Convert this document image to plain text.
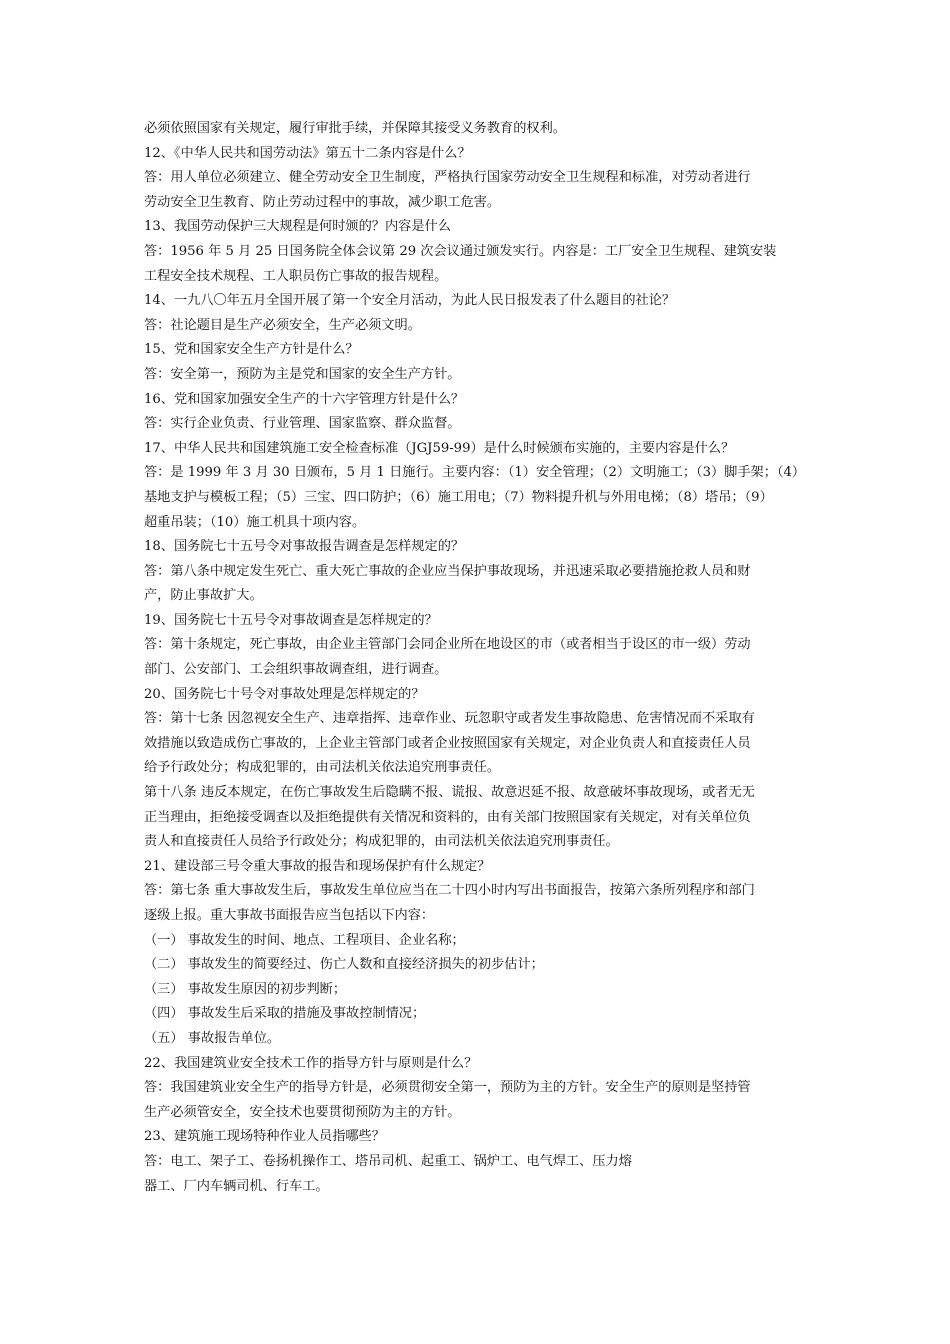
必须依照国家有关规定，履行审批手续，并保障其接受义务教育的权利。
12、《中华人民共和国劳动法》第五十二条内容是什么？
答：用人单位必须建立、健全劳动安全卫生制度，严格执行国家劳动安全卫生规程和标准，对劳动者进行
劳动安全卫生教育、防止劳动过程中的事故，减少职工危害。
13、我国劳动保护三大规程是何时颁的？内容是什么
答：1956 年 5 月 25 日国务院全体会议第 29 次会议通过颁发实行。内容是：工厂安全卫生规程、建筑安装
工程安全技术规程、工人职员伤亡事故的报告规程。
14、一九八〇年五月全国开展了第一个安全月活动，为此人民日报发表了什么题目的社论？
答：社论题目是生产必须安全，生产必须文明。
15、党和国家安全生产方针是什么？
答：安全第一，预防为主是党和国家的安全生产方针。
16、党和国家加强安全生产的十六字管理方针是什么？
答：实行企业负责、行业管理、国家监察、群众监督。
17、中华人民共和国建筑施工安全检查标准（JGJ59-99）是什么时候颁布实施的，主要内容是什么？
答：是 1999 年 3 月 30 日颁布，5 月 1 日施行。主要内容：（1）安全管理；（2）文明施工；（3）脚手架；（4）
基地支护与模板工程；（5）三宝、四口防护；（6）施工用电；（7）物料提升机与外用电梯；（8）塔吊；（9）
超重吊装；（10）施工机具十项内容。
18、国务院七十五号令对事故报告调查是怎样规定的？
答：第八条中规定发生死亡、重大死亡事故的企业应当保护事故现场，并迅速采取必要措施抢救人员和财
产，防止事故扩大。
19、国务院七十五号令对事故调查是怎样规定的？
答：第十条规定，死亡事故，由企业主管部门会同企业所在地设区的市（或者相当于设区的市一级）劳动
部门、公安部门、工会组织事故调查组，进行调查。
20、国务院七十号令对事故处理是怎样规定的？
答：第十七条 因忽视安全生产、违章指挥、违章作业、玩忽职守或者发生事故隐患、危害情况而不采取有
效措施以致造成伤亡事故的，上企业主管部门或者企业按照国家有关规定，对企业负责人和直接责任人员
给予行政处分；构成犯罪的，由司法机关依法追究刑事责任。
第十八条 违反本规定，在伤亡事故发生后隐瞒不报、谎报、故意迟延不报、故意破坏事故现场，或者无无
正当理由，拒绝接受调查以及拒绝提供有关情况和资料的，由有关部门按照国家有关规定，对有关单位负
责人和直接责任人员给予行政处分；构成犯罪的，由司法机关依法追究刑事责任。
21、建设部三号令重大事故的报告和现场保护有什么规定？
答：第七条 重大事故发生后，事故发生单位应当在二十四小时内写出书面报告，按第六条所列程序和部门
逐级上报。重大事故书面报告应当包括以下内容：
（一） 事故发生的时间、地点、工程项目、企业名称；
（二） 事故发生的简要经过、伤亡人数和直接经济损失的初步估计；
（三） 事故发生原因的初步判断；
（四） 事故发生后采取的措施及事故控制情况；
（五） 事故报告单位。
22、我国建筑业安全技术工作的指导方针与原则是什么？
答：我国建筑业安全生产的指导方针是，必须贯彻安全第一，预防为主的方针。安全生产的原则是坚持管
生产必须管安全，安全技术也要贯彻预防为主的方针。
23、建筑施工现场特种作业人员指哪些？
答：电工、架子工、卷扬机操作工、塔吊司机、起重工、锅炉工、电气焊工、压力熔
器工、厂内车辆司机、行车工。
